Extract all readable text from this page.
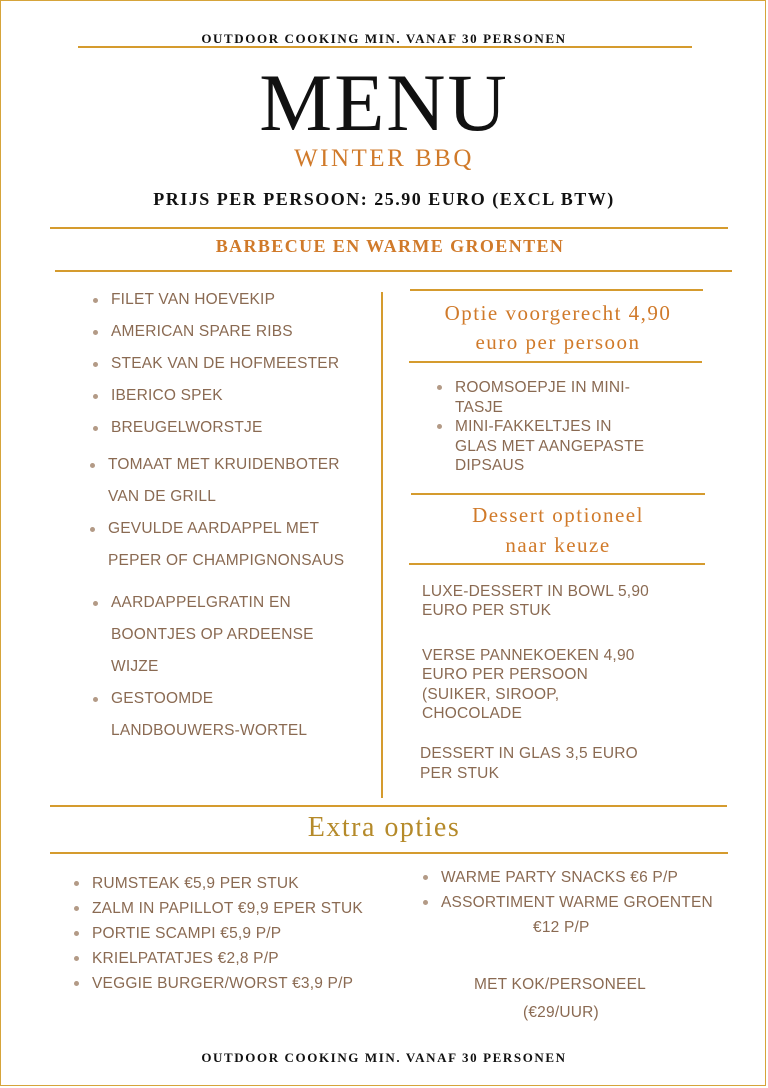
OUTDOOR COOKING MIN. VANAF 30 PERSONEN
MENU
WINTER BBQ
PRIJS PER PERSOON: 25.90 EURO (EXCL BTW)
BARBECUE EN WARME GROENTEN
FILET VAN HOEVEKIP
AMERICAN SPARE RIBS
STEAK VAN DE HOFMEESTER
IBERICO SPEK
BREUGELWORSTJE
TOMAAT MET KRUIDENBOTER
VAN DE GRILL
GEVULDE AARDAPPEL MET
PEPER OF CHAMPIGNONSAUS
AARDAPPELGRATIN EN
BOONTJES OP ARDEENSE
WIJZE
GESTOOMDE
LANDBOUWERS-WORTEL
Optie voorgerecht 4,90
euro per persoon
ROOMSOEPJE IN MINI-
TASJE
MINI-FAKKELTJES IN
GLAS MET AANGEPASTE
DIPSAUS
Dessert optioneel
naar keuze
LUXE-DESSERT IN BOWL 5,90
EURO PER STUK
VERSE PANNEKOEKEN 4,90
EURO PER PERSOON
(SUIKER, SIROOP,
CHOCOLADE
DESSERT IN GLAS 3,5 EURO
PER STUK
Extra opties
RUMSTEAK €5,9 PER STUK
ZALM IN PAPILLOT €9,9 EPER STUK
PORTIE SCAMPI €5,9 P/P
KRIELPATATJES €2,8 P/P
VEGGIE BURGER/WORST €3,9 P/P
WARME PARTY SNACKS €6 P/P
ASSORTIMENT WARME GROENTEN
€12 P/P
MET KOK/PERSONEEL
(€29/UUR)
OUTDOOR COOKING MIN. VANAF 30 PERSONEN
